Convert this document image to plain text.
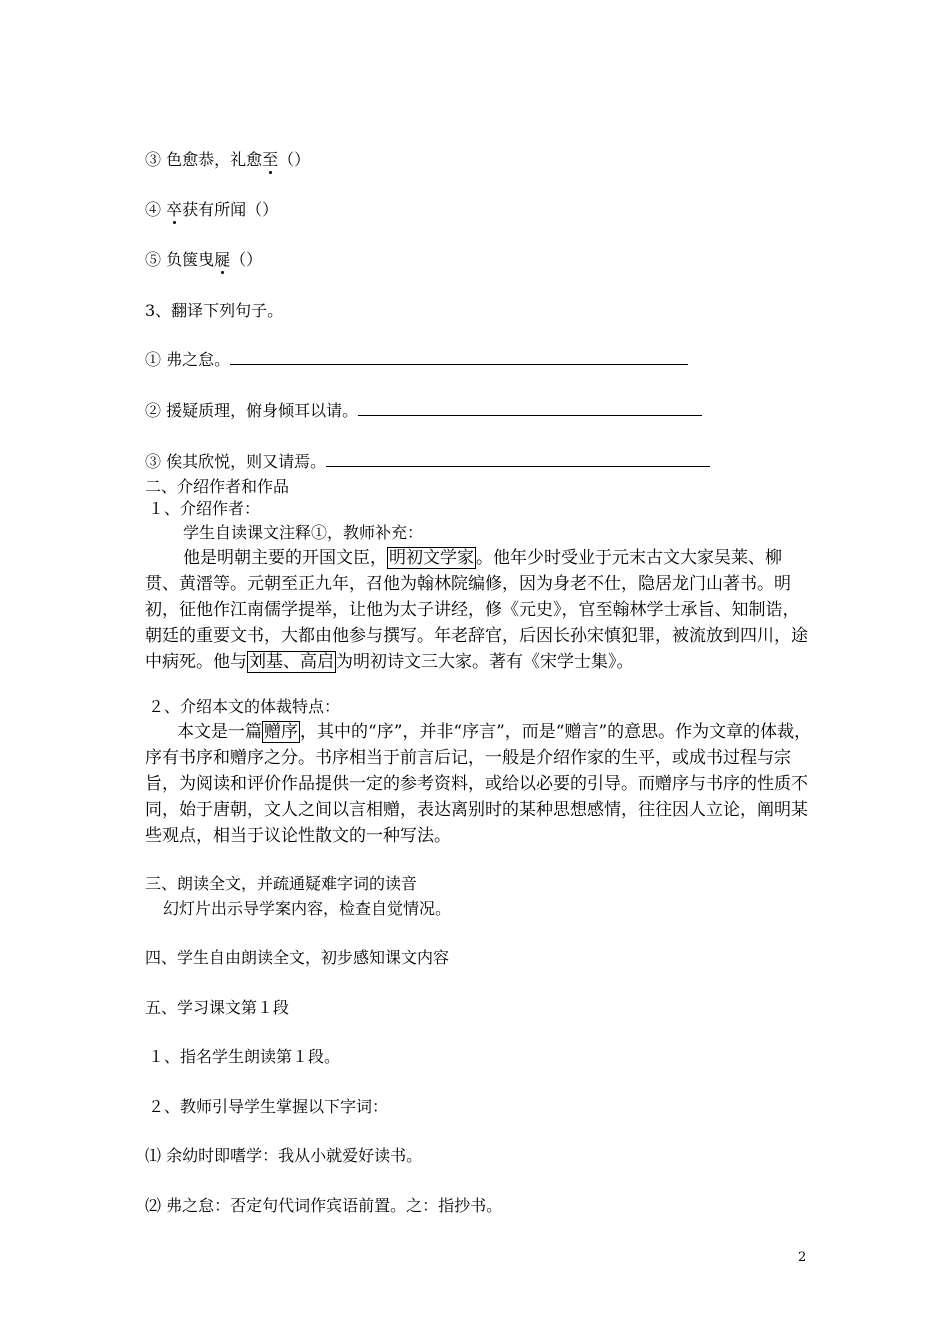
③ 色愈恭，礼愈至（）
④ 卒获有所闻（）
⑤ 负箧曳屣（）
3、翻译下列句子。
① 弗之怠。
② 援疑质理，俯身倾耳以请。
③ 俟其欣悦，则又请焉。
二、介绍作者和作品
１、介绍作者：
学生自读课文注释①，教师补充：
他是明朝主要的开国文臣， 明初文学家 。他年少时受业于元末古文大家吴莱、柳贯、黄溍等。元朝至正九年，召他为翰林院编修，因为身老不仕，隐居龙门山著书。明初，征他作江南儒学提举，让他为太子讲经，修《元史》，官至翰林学士承旨、知制诰，朝廷的重要文书，大都由他参与撰写。年老辞官，后因长孙宋慎犯罪，被流放到四川，途中病死。他与 刘基、高启 为明初诗文三大家。著有《宋学士集》。
２、介绍本文的体裁特点：
本文是一篇 赠序 ，其中的“序”，并非“序言”，而是“赠言”的意思。作为文章的体裁，序有书序和赠序之分。书序相当于前言后记，一般是介绍作家的生平，或成书过程与宗旨，为阅读和评价作品提供一定的参考资料，或给以必要的引导。而赠序与书序的性质不同，始于唐朝，文人之间以言相赠，表达离别时的某种思想感情，往往因人立论，阐明某些观点，相当于议论性散文的一种写法。
三、朗读全文，并疏通疑难字词的读音
幻灯片出示导学案内容，检查自觉情况。
四、学生自由朗读全文，初步感知课文内容
五、学习课文第１段
１、指名学生朗读第１段。
２、教师引导学生掌握以下字词：
⑴ 余幼时即嗜学：我从小就爱好读书。
⑵ 弗之怠：否定句代词作宾语前置。之：指抄书。
2
